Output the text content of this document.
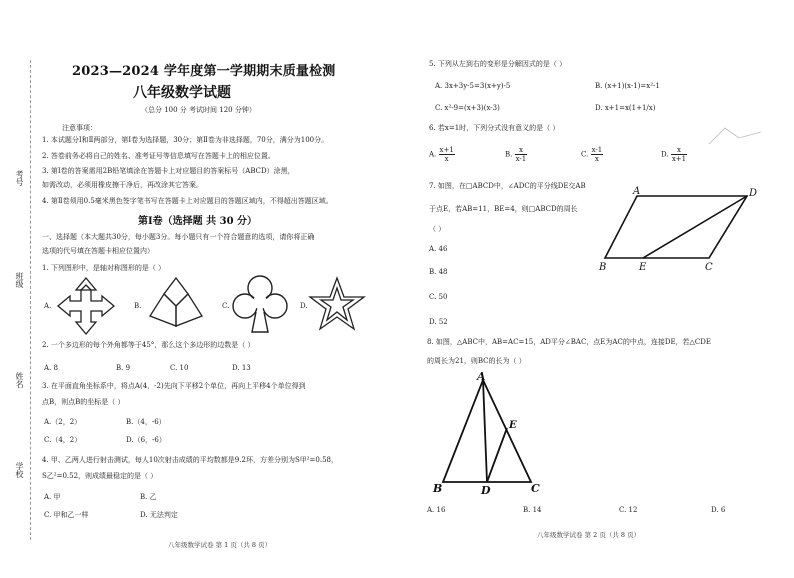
考号
班级
姓名
学校
2023—2024 学年度第一学期期末质量检测
八年级数学试题
（总分 100 分 考试时间 120 分钟）
注意事项：
1. 本试题分Ⅰ和Ⅱ两部分，第Ⅰ卷为选择题，30分；第Ⅱ卷为非选择题，70分，满分为100分。
2. 答卷前务必将自己的姓名、准考证号等信息填写在答题卡上的相应位置。
3. 第Ⅰ卷的答案需用2B铅笔填涂在答题卡上对应题目的答案标号（ABCD）涂黑，
如需改动，必须用橡皮擦干净后，再改涂其它答案。
4. 第Ⅱ卷须用0.5毫米黑色签字笔书写在答题卡上对应题目的答题区域内，不得超出答题区域。
第Ⅰ卷（选择题 共 30 分）
一、选择题（本大题共30分，每小题3分。每小题只有一个符合题意的选项，请你将正确
选项的代号填在答题卡相应位置内）
1. 下列图形中，是轴对称图形的是（ ）
A.	B.	C.	D.
2. 一个多边形的每个外角都等于45°，那么这个多边形的边数是（ ）
A. 8	B. 9	C. 10	D. 13
3. 在平面直角坐标系中，将点A(4，-2)先向下平移2个单位，再向上平移4个单位得到
点B，则点B的坐标是（ ）
A.（2，2）	B.（4，-6）
C.（4，2）	D.（6，-6）
4. 甲、乙两人进行射击测试，每人10次射击成绩的平均数都是9.2环，方差分别为S甲²=0.58，
S乙²=0.52，则成绩最稳定的是（ ）
A. 甲	B. 乙
C. 甲和乙一样	D. 无法判定
八年级数学试卷 第 1 页（共 8 页）
5. 下列从左到右的变形是分解因式的是（ ）
A. 3x+3y-5=3(x+y)-5	B. (x+1)(x-1)=x²-1
C. x²-9=(x+3)(x-3)	D. x+1=x(1+1/x)
6. 若x=1时，下列分式没有意义的是（ ）
A. $\frac{x+1}{x}$	B. $\frac{x}{x-1}$	C. $\frac{x-1}{x}$	D. $\frac{x}{x+1}$
7. 如图，在□ABCD中，∠ADC的平分线DE交AB
于点E，若AB=11，BE=4，则□ABCD的周长
（ ）
A. 46
B. 48
C. 50
D. 52
A	D
B	E	C
8. 如图，△ABC中，AB=AC=15，AD平分∠BAC，点E为AC的中点，连接DE，若△CDE
的周长为21，则BC的长为（ ）
A
E
B	D	C
A. 16	B. 14	C. 12	D. 6
八年级数学试卷 第 2 页（共 8 页）
